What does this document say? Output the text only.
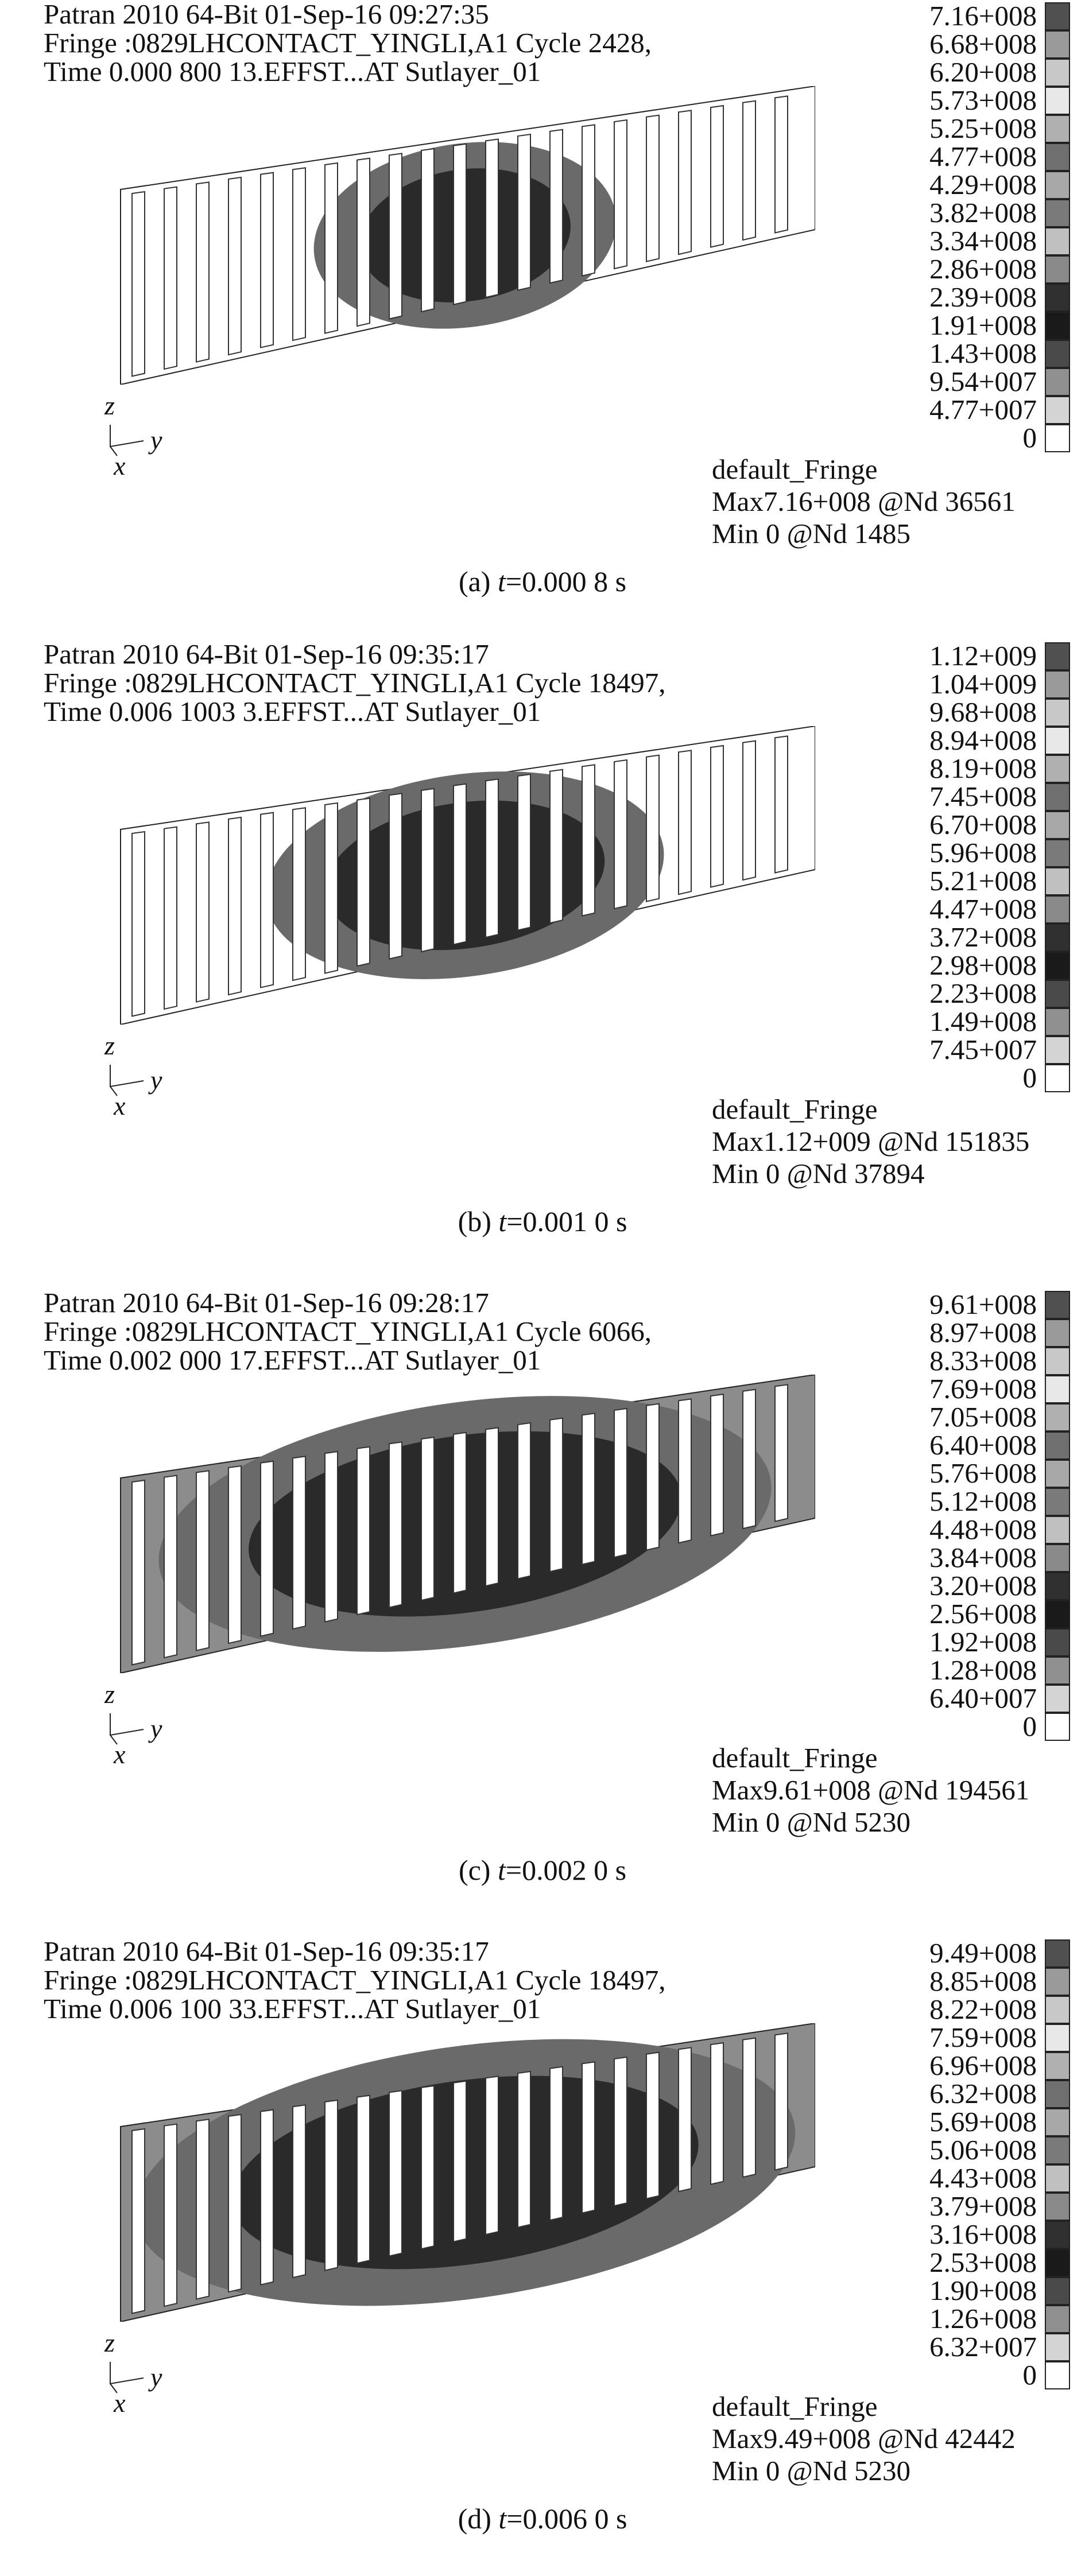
Patran 2010 64-Bit 01-Sep-16 09:27:35
Fringe :0829LHCONTACT_YINGLI,A1 Cycle 2428,
Time 0.000 800 13.EFFST...AT Sutlayer_01
7.16+008
6.68+008
6.20+008
5.73+008
5.25+008
4.77+008
4.29+008
3.82+008
3.34+008
2.86+008
2.39+008
1.91+008
1.43+008
9.54+007
4.77+007
0
z
y
x	default_Fringe
Max7.16+008 @Nd 36561
Min 0 @Nd 1485
(a) t=0.000 8 s
Patran 2010 64-Bit 01-Sep-16 09:35:17
Fringe :0829LHCONTACT_YINGLI,A1 Cycle 18497,
Time 0.006 1003 3.EFFST...AT Sutlayer_01
1.12+009
1.04+009
9.68+008
8.94+008
8.19+008
7.45+008
6.70+008
5.96+008
5.21+008
4.47+008
3.72+008
2.98+008
2.23+008
1.49+008
7.45+007
0
z
y
x	default_Fringe
Max1.12+009 @Nd 151835
Min 0 @Nd 37894
(b) t=0.001 0 s
Patran 2010 64-Bit 01-Sep-16 09:28:17
Fringe :0829LHCONTACT_YINGLI,A1 Cycle 6066,
Time 0.002 000 17.EFFST...AT Sutlayer_01
9.61+008
8.97+008
8.33+008
7.69+008
7.05+008
6.40+008
5.76+008
5.12+008
4.48+008
3.84+008
3.20+008
2.56+008
1.92+008
1.28+008
6.40+007
0
z
y
x	default_Fringe
Max9.61+008 @Nd 194561
Min 0 @Nd 5230
(c) t=0.002 0 s
Patran 2010 64-Bit 01-Sep-16 09:35:17
Fringe :0829LHCONTACT_YINGLI,A1 Cycle 18497,
Time 0.006 100 33.EFFST...AT Sutlayer_01
9.49+008
8.85+008
8.22+008
7.59+008
6.96+008
6.32+008
5.69+008
5.06+008
4.43+008
3.79+008
3.16+008
2.53+008
1.90+008
1.26+008
6.32+007
0
z
y
x	default_Fringe
Max9.49+008 @Nd 42442
Min 0 @Nd 5230
(d) t=0.006 0 s
